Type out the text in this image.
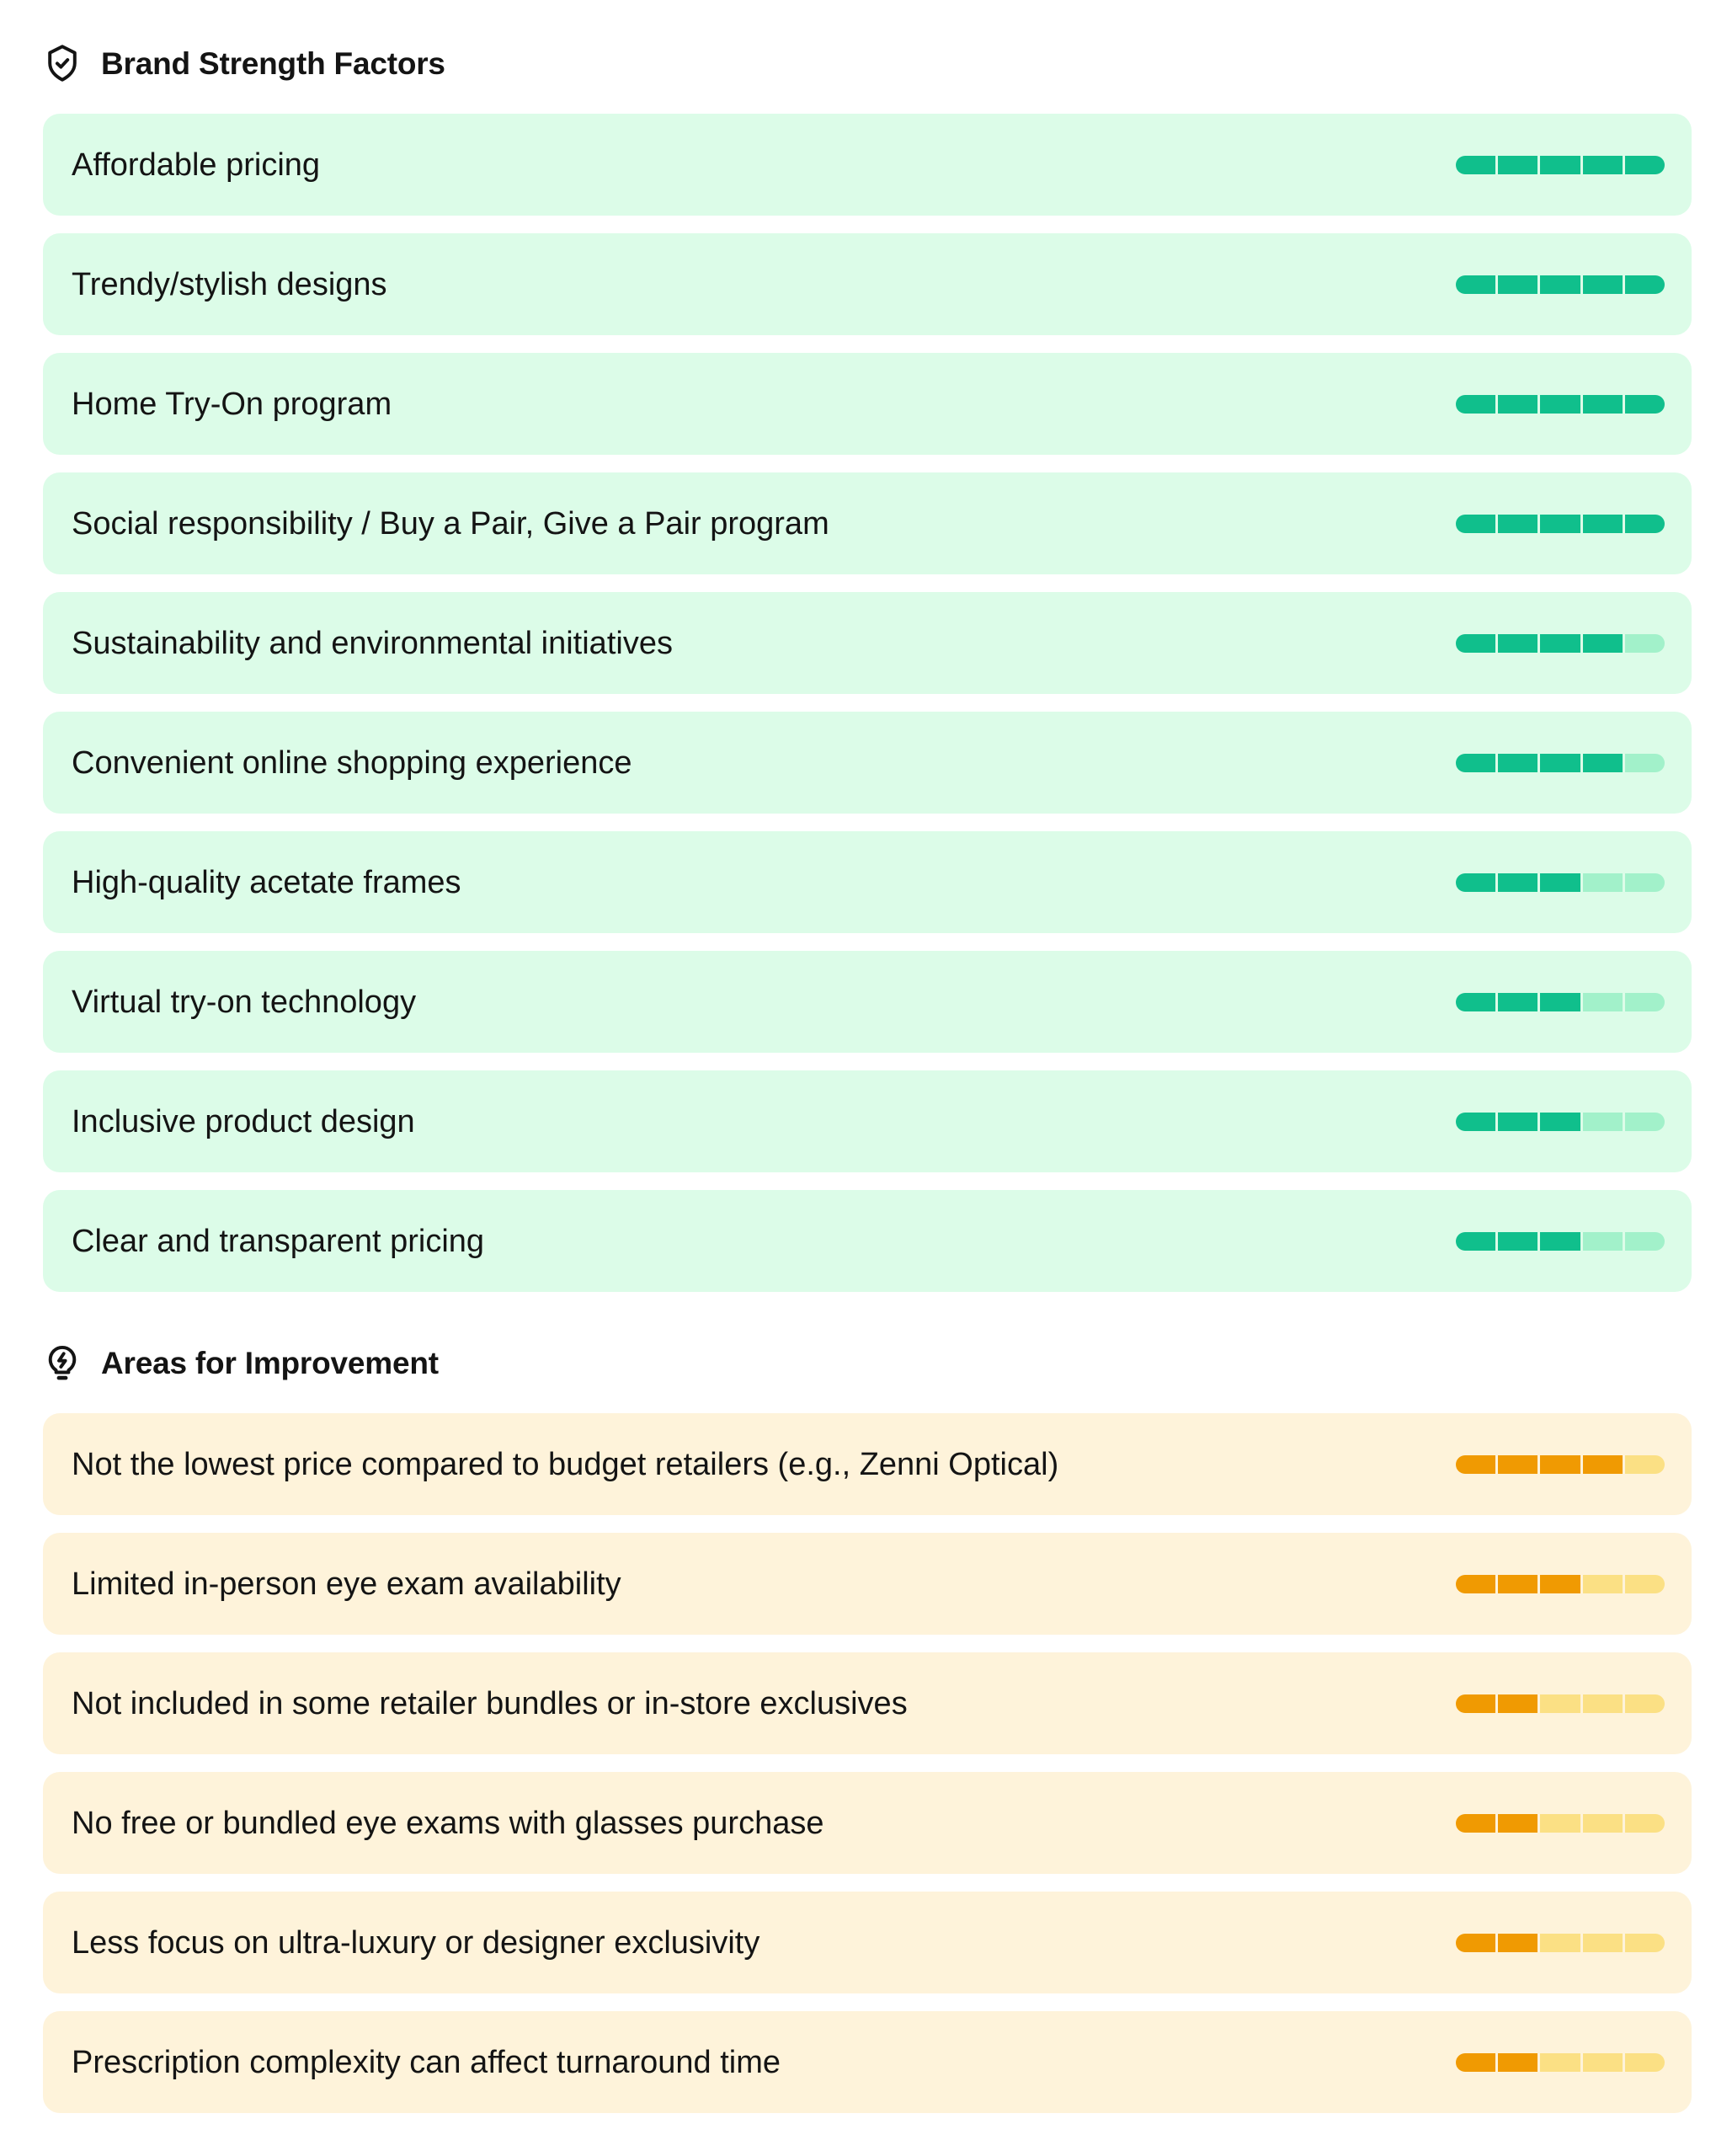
Brand Strength Factors
Affordable pricing
Trendy/stylish designs
Home Try-On program
Social responsibility / Buy a Pair, Give a Pair program
Sustainability and environmental initiatives
Convenient online shopping experience
High-quality acetate frames
Virtual try-on technology
Inclusive product design
Clear and transparent pricing
Areas for Improvement
Not the lowest price compared to budget retailers (e.g., Zenni Optical)
Limited in-person eye exam availability
Not included in some retailer bundles or in-store exclusives
No free or bundled eye exams with glasses purchase
Less focus on ultra-luxury or designer exclusivity
Prescription complexity can affect turnaround time
